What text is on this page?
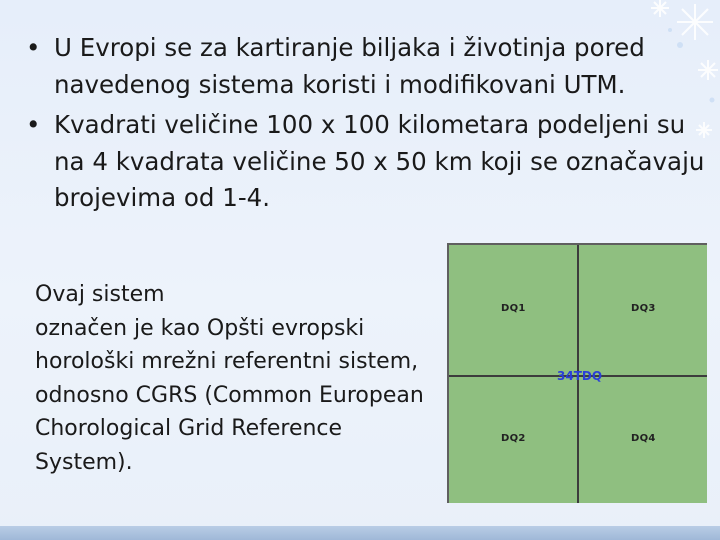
• U Evropi se za kartiranje biljaka i životinja pored navedenog sistema koristi i modifikovani UTM.
• Kvadrati veličine 100 x 100 kilometara podeljeni su na 4 kvadrata veličine 50 x 50 km koji se označavaju brojevima od 1-4.
Ovaj sistem
označen je kao Opšti evropski horološki mrežni referentni sistem, odnosno CGRS (Common European Chorological Grid Reference System).
DQ1	DQ3
DQ2	DQ4
34TDQ
